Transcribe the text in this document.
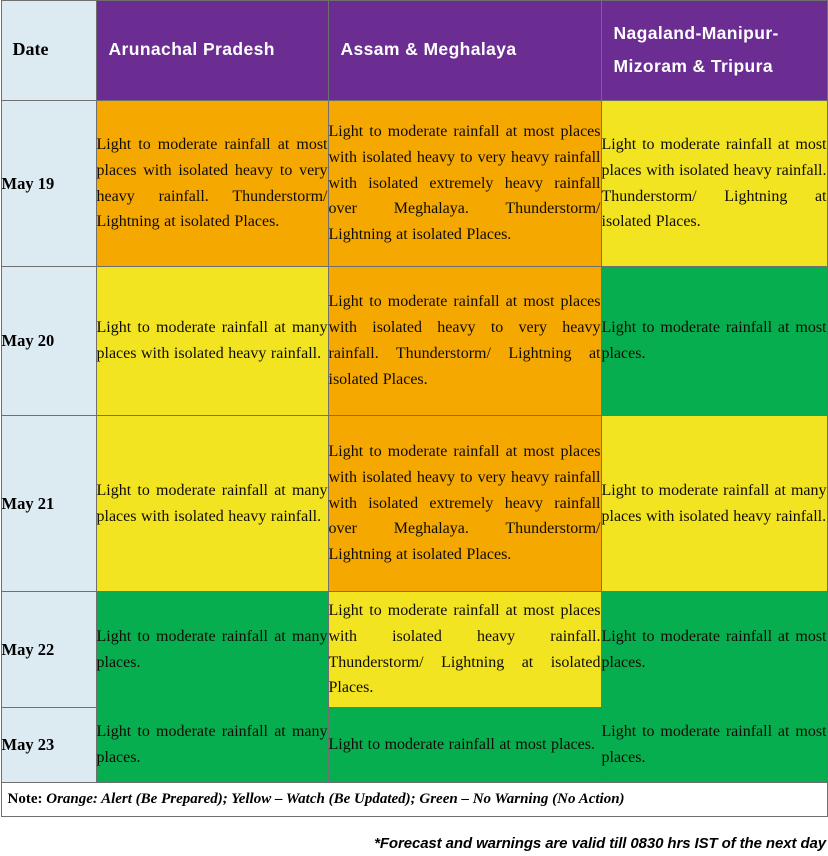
Date	Arunachal Pradesh	Assam & Meghalaya	Nagaland-Manipur-
Mizoram & Tripura
May 19	Light to moderate rainfall at most places with isolated heavy to very heavy rainfall. Thunderstorm/ Lightning at isolated Places.	Light to moderate rainfall at most places with isolated heavy to very heavy rainfall with isolated extremely heavy rainfall over Meghalaya. Thunderstorm/ Lightning at isolated Places.	Light to moderate rainfall at most places with isolated heavy rainfall. Thunderstorm/ Lightning at isolated Places.
May 20	Light to moderate rainfall at many places with isolated heavy rainfall.	Light to moderate rainfall at most places with isolated heavy to very heavy rainfall. Thunderstorm/ Lightning at isolated Places.	Light to moderate rainfall at most places.
May 21	Light to moderate rainfall at many places with isolated heavy rainfall.	Light to moderate rainfall at most places with isolated heavy to very heavy rainfall with isolated extremely heavy rainfall over Meghalaya. Thunderstorm/ Lightning at isolated Places.	Light to moderate rainfall at many places with isolated heavy rainfall.
May 22	Light to moderate rainfall at many places.	Light to moderate rainfall at most places with isolated heavy rainfall. Thunderstorm/ Lightning at isolated Places.	Light to moderate rainfall at most places.
May 23	Light to moderate rainfall at many places.	Light to moderate rainfall at most places.	Light to moderate rainfall at most places.
Note: Orange: Alert (Be Prepared); Yellow – Watch (Be Updated); Green – No Warning (No Action)			
*Forecast and warnings are valid till 0830 hrs IST of the next day
